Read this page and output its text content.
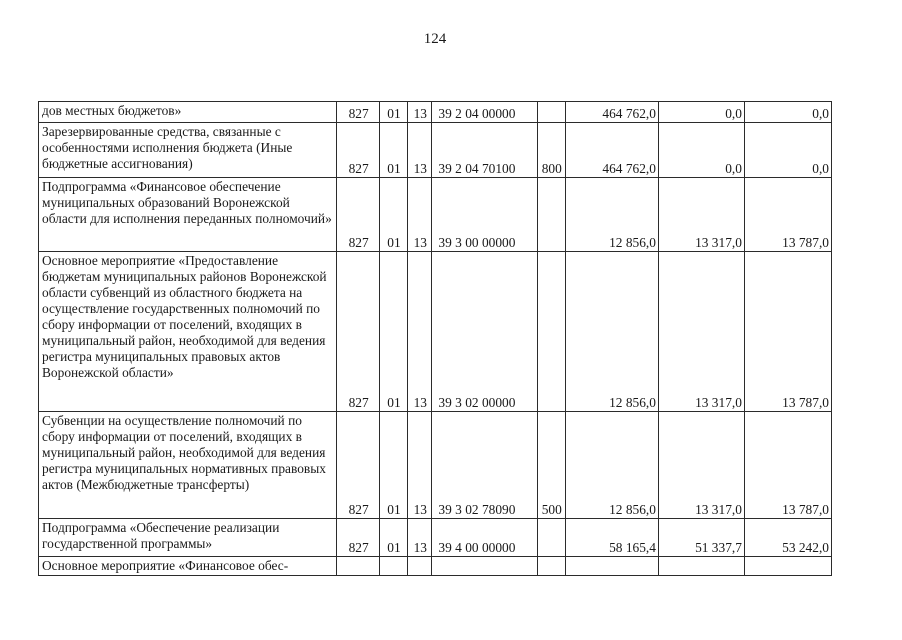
124
дов местных бюджетов»	827	01	13	39 2 04 00000		464 762,0	0,0	0,0
Зарезервированные средства, связанные с особенностями исполнения бюджета (Иные бюджетные ассигнования)	827	01	13	39 2 04 70100	800	464 762,0	0,0	0,0
Подпрограмма «Финансовое обеспечение муниципальных образований Воронежской области для исполнения переданных полномочий»	827	01	13	39 3 00 00000		12 856,0	13 317,0	13 787,0
Основное мероприятие «Предоставление бюджетам муниципальных районов Воронежской области субвенций из областного бюджета на осуществление государственных полномочий по сбору информации от поселений, входящих в муниципальный район, необходимой для ведения регистра муниципальных правовых актов Воронежской области»	827	01	13	39 3 02 00000		12 856,0	13 317,0	13 787,0
Субвенции на осуществление полномочий по сбору информации от поселений, входящих в муниципальный район, необходимой для ведения регистра муниципальных нормативных правовых актов (Межбюджетные трансферты)	827	01	13	39 3 02 78090	500	12 856,0	13 317,0	13 787,0
Подпрограмма «Обеспечение реализации государственной программы»	827	01	13	39 4 00 00000		58 165,4	51 337,7	53 242,0
Основное мероприятие «Финансовое обес-								
